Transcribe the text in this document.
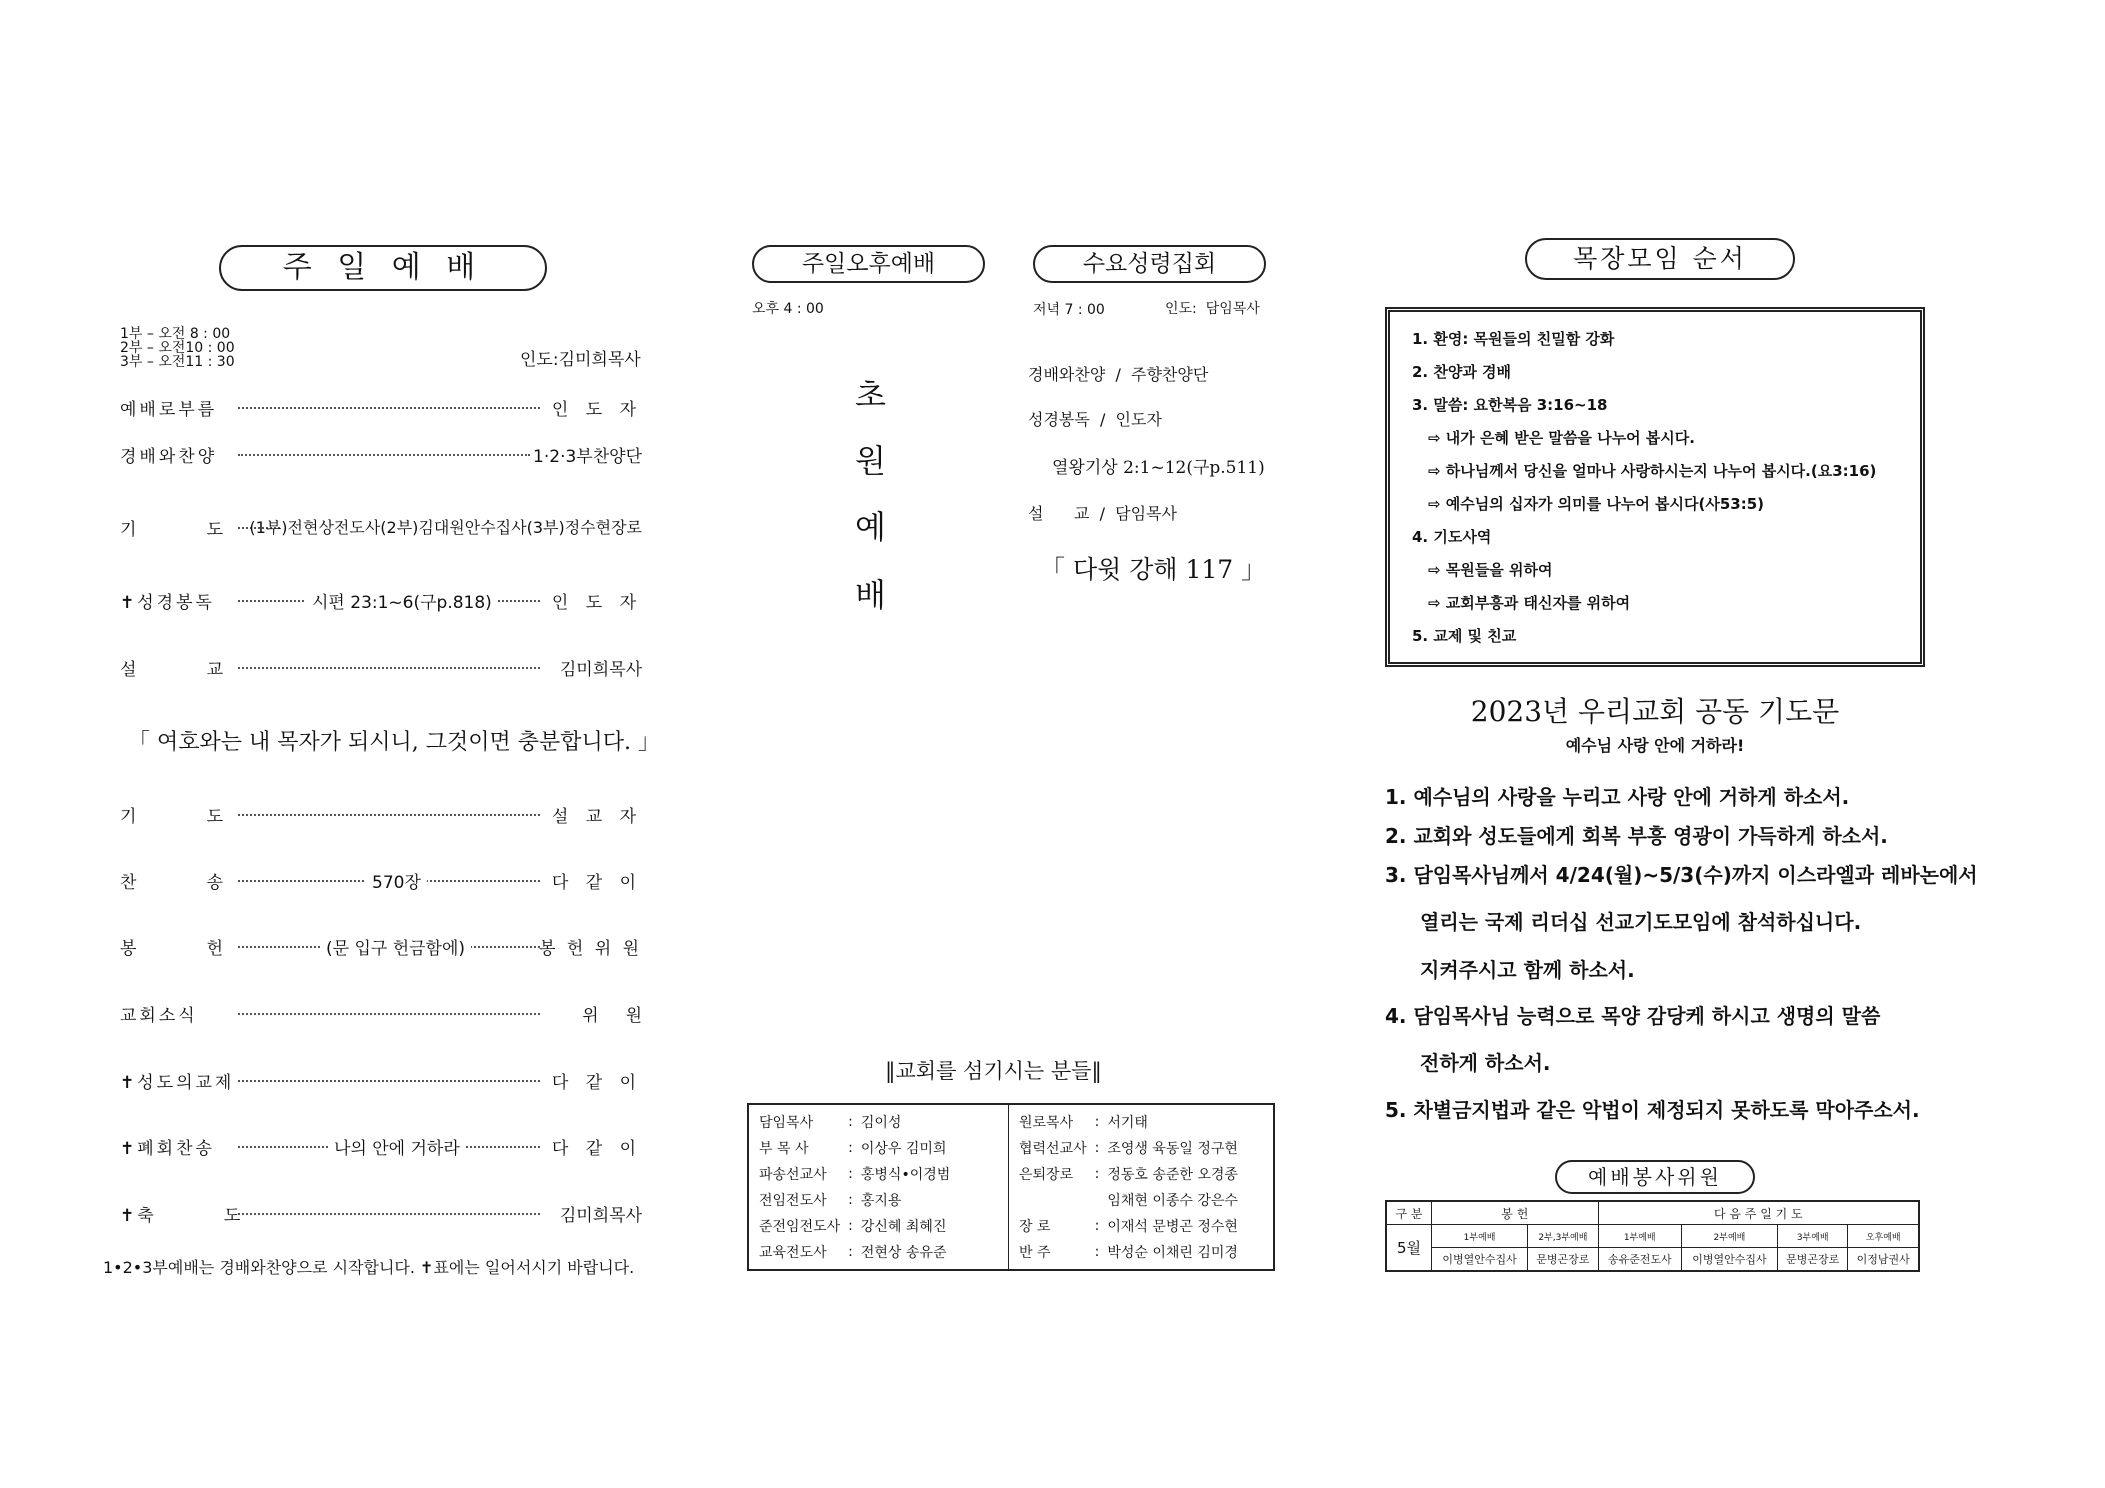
주 일 예 배
1부 – 오전 8 : 00
2부 – 오전10 : 00
3부 – 오전11 : 30	인도:김미희목사
예배로부름	인 도 자
경배와찬양	1·2·3부찬양단
기        도 (1부)전현상전도사(2부)김대원안수집사(3부)정수현장로
✝성경봉독	시편 23:1~6(구p.818)	인 도 자
설        교	김미희목사
「 여호와는 내 목자가 되시니, 그것이면 충분합니다. 」
기        도	설 교 자
찬        송	570장	다 같 이
봉        헌	(문 입구 헌금함에)	봉 헌 위 원
교회소식	위     원
✝성도의교제	다 같 이
✝폐회찬송	나의 안에 거하라	다 같 이
✝축        도	김미희목사
1•2•3부예배는 경배와찬양으로 시작합니다. ✝표에는 일어서시기 바랍니다.
주일오후예배
오후 4 : 00
초
원
예
배
수요성령집회
저녁 7 : 00	인도:  담임목사
경배와찬양  /  주향찬양단
성경봉독  /  인도자
열왕기상 2:1~12(구p.511)
설      교  /  담임목사
「 다윗 강해 117 」
‖교회를 섬기시는 분들‖
담임목사	:	김이성
부 목 사	:	이상우 김미희
파송선교사	:	홍병식•이경범
전임전도사	:	홍지용
준전임전도사	:	강신혜 최혜진
교육전도사	:	전현상 송유준
원로목사	:	서기태
협력선교사	:	조영생 육동일 정구현
은퇴장로	:	정동호 송준한 오경종
		임채현 이종수 강은수
장 로	:	이재석 문병곤 정수현
반 주	:	박성순 이채린 김미경
목장모임 순서
1. 환영: 목원들의 친밀함 강화
2. 찬양과 경배
3. 말씀: 요한복음 3:16~18
⇨ 내가 은혜 받은 말씀을 나누어 봅시다.
⇨ 하나님께서 당신을 얼마나 사랑하시는지 나누어 봅시다.(요3:16)
⇨ 예수님의 십자가 의미를 나누어 봅시다(사53:5)
4. 기도사역
⇨ 목원들을 위하여
⇨ 교회부흥과 태신자를 위하여
5. 교제 및 친교
2023년 우리교회 공동 기도문
예수님 사랑 안에 거하라!
1. 예수님의 사랑을 누리고 사랑 안에 거하게 하소서.
2. 교회와 성도들에게 회복 부흥 영광이 가득하게 하소서.
3. 담임목사님께서 4/24(월)~5/3(수)까지 이스라엘과 레바논에서
열리는 국제 리더십 선교기도모임에 참석하십니다.
지켜주시고 함께 하소서.
4. 담임목사님 능력으로 목양 감당케 하시고 생명의 말씀
전하게 하소서.
5. 차별금지법과 같은 악법이 제정되지 못하도록 막아주소서.
예배봉사위원
구 분	봉 헌		다 음 주 일 기 도			
5월	1부예배	2부,3부예배	1부예배	2부예배	3부예배	오후예배
	이병열안수집사	문병곤장로	송유준전도사	이병열안수집사	문병곤장로	이정남권사
